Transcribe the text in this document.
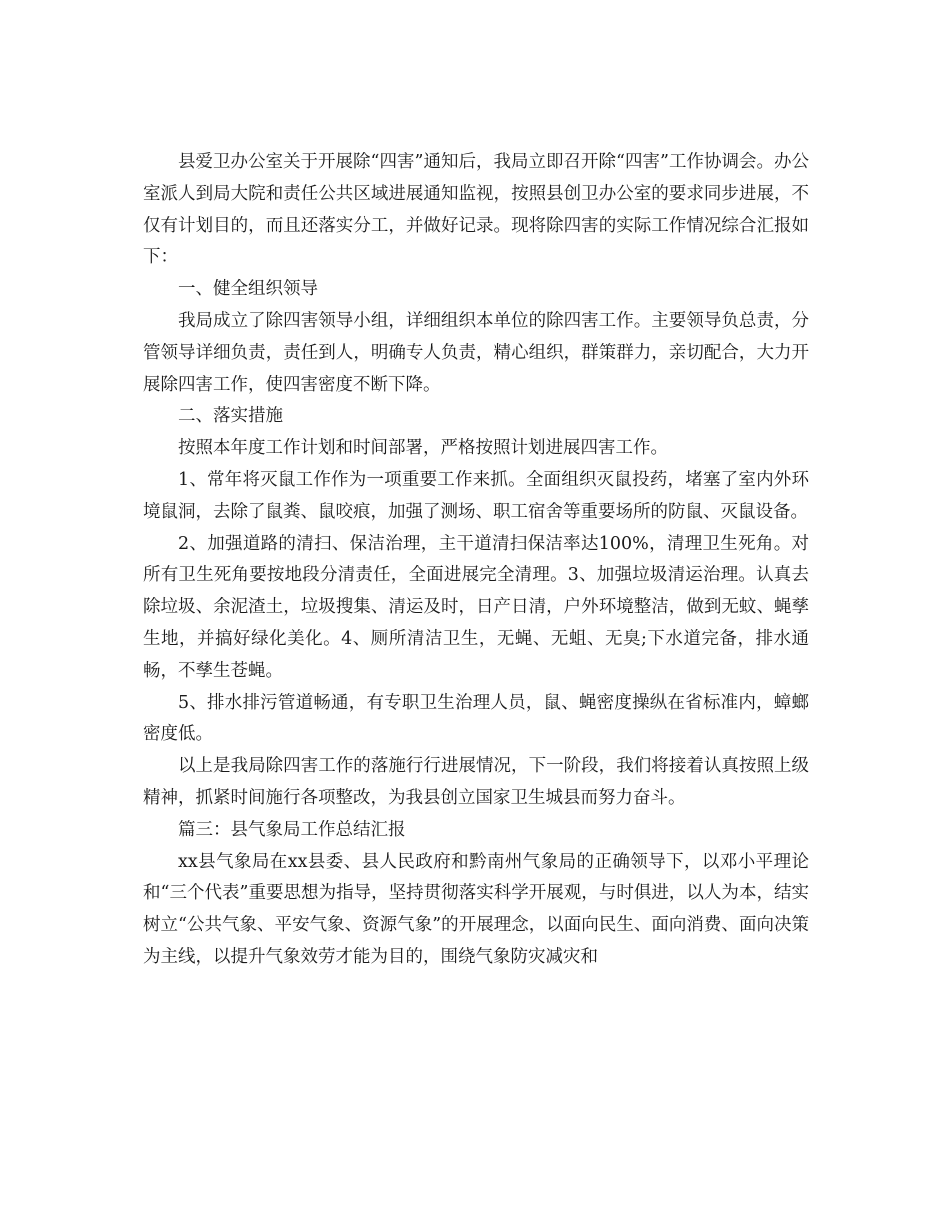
县爱卫办公室关于开展除“四害”通知后，我局立即召开除“四害”工作协调会。办公室派人到局大院和责任公共区域进展通知监视，按照县创卫办公室的要求同步进展，不仅有计划目的，而且还落实分工，并做好记录。现将除四害的实际工作情况综合汇报如下：

一、健全组织领导

我局成立了除四害领导小组，详细组织本单位的除四害工作。主要领导负总责，分管领导详细负责，责任到人，明确专人负责，精心组织，群策群力，亲切配合，大力开展除四害工作，使四害密度不断下降。

二、落实措施

按照本年度工作计划和时间部署，严格按照计划进展四害工作。

1、常年将灭鼠工作作为一项重要工作来抓。全面组织灭鼠投药，堵塞了室内外环境鼠洞，去除了鼠粪、鼠咬痕，加强了测场、职工宿舍等重要场所的防鼠、灭鼠设备。

2、加强道路的清扫、保洁治理，主干道清扫保洁率达100%，清理卫生死角。对所有卫生死角要按地段分清责任，全面进展完全清理。3、加强垃圾清运治理。认真去除垃圾、余泥渣土，垃圾搜集、清运及时，日产日清，户外环境整洁，做到无蚊、蝇孳生地，并搞好绿化美化。4、厕所清洁卫生，无蝇、无蛆、无臭;下水道完备，排水通畅，不孳生苍蝇。

5、排水排污管道畅通，有专职卫生治理人员，鼠、蝇密度操纵在省标准内，蟑螂密度低。

以上是我局除四害工作的落施行行进展情况，下一阶段，我们将接着认真按照上级精神，抓紧时间施行各项整改，为我县创立国家卫生城县而努力奋斗。

篇三：县气象局工作总结汇报

xx县气象局在xx县委、县人民政府和黔南州气象局的正确领导下，以邓小平理论和“三个代表”重要思想为指导，坚持贯彻落实科学开展观，与时俱进，以人为本，结实树立“公共气象、平安气象、资源气象”的开展理念，以面向民生、面向消费、面向决策为主线，以提升气象效劳才能为目的，围绕气象防灾减灾和
